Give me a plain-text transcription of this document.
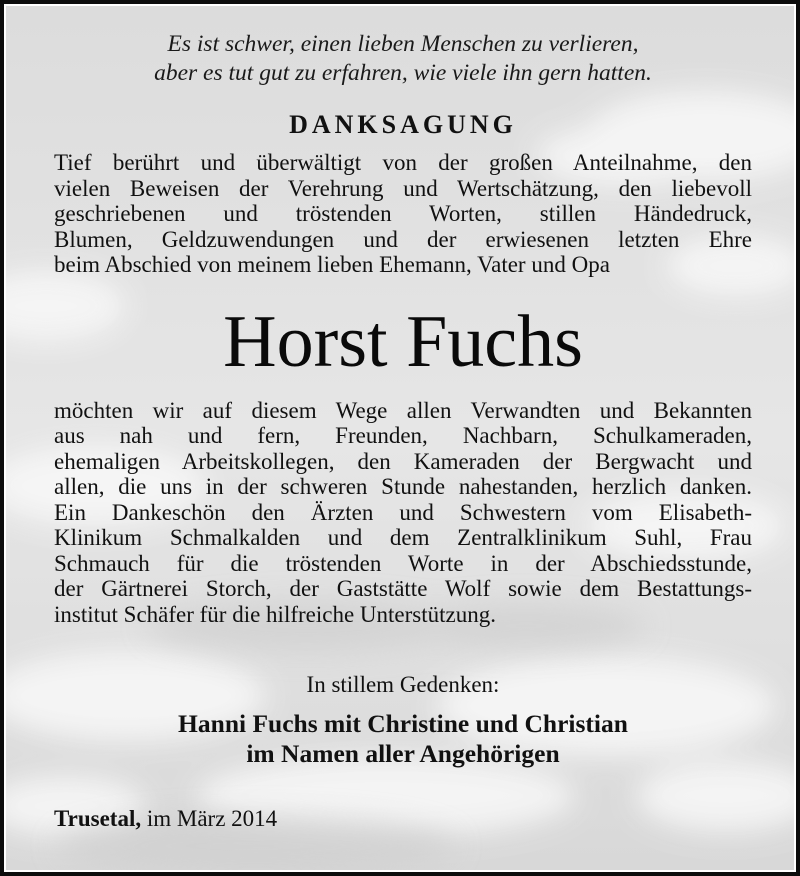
Es ist schwer, einen lieben Menschen zu verlieren,
aber es tut gut zu erfahren, wie viele ihn gern hatten.

DANKSAGUNG
Tief berührt und überwältigt von der großen Anteilnahme, den
vielen Beweisen der Verehrung und Wertschätzung, den liebevoll
geschriebenen und tröstenden Worten, stillen Händedruck,
Blumen, Geldzuwendungen und der erwiesenen letzten Ehre
beim Abschied von meinem lieben Ehemann, Vater und Opa
Horst Fuchs
möchten wir auf diesem Wege allen Verwandten und Bekannten
aus nah und fern, Freunden, Nachbarn, Schulkameraden,
ehemaligen Arbeitskollegen, den Kameraden der Bergwacht und
allen, die uns in der schweren Stunde nahestanden, herzlich danken.
Ein Dankeschön den Ärzten und Schwestern vom Elisabeth-
Klinikum Schmalkalden und dem Zentralklinikum Suhl, Frau
Schmauch für die tröstenden Worte in der Abschiedsstunde,
der Gärtnerei Storch, der Gaststätte Wolf sowie dem Bestattungs-
institut Schäfer für die hilfreiche Unterstützung.

In stillem Gedenken:

Hanni Fuchs mit Christine und Christian
im Namen aller Angehörigen

Trusetal, im März 2014
